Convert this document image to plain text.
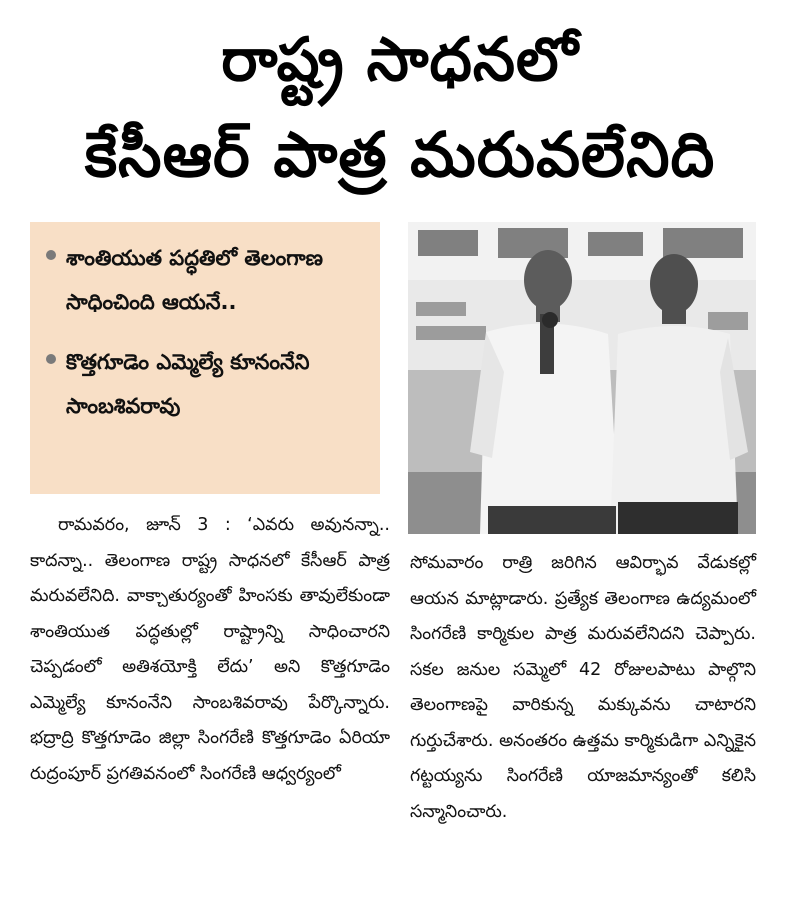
రాష్ట్ర సాధనలో
కేసీఆర్ పాత్ర మరువలేనిది
శాంతియుత పద్ధతిలో తెలంగాణ సాధించింది ఆయనే..
కొత్తగూడెం ఎమ్మెల్యే కూనంనేని సాంబశివరావు

రామవరం, జూన్ 3 : ‘ఎవరు అవునన్నా.. కాదన్నా.. తెలంగాణ రాష్ట్ర సాధనలో కేసీఆర్ పాత్ర మరువలేనిది. వాక్చాతుర్యంతో హింసకు తావులేకుండా శాంతియుత పద్ధతుల్లో రాష్ట్రాన్ని సాధించారని చెప్పడంలో అతిశయోక్తి లేదు’ అని కొత్తగూడెం ఎమ్మెల్యే కూనంనేని సాంబశివరావు పేర్కొన్నారు. భద్రాద్రి కొత్తగూడెం జిల్లా సింగరేణి కొత్తగూడెం ఏరియా రుద్రంపూర్ ప్రగతివనంలో సింగరేణి ఆధ్వర్యంలో

సోమవారం రాత్రి జరిగిన ఆవిర్భావ వేడుకల్లో ఆయన మాట్లాడారు. ప్రత్యేక తెలంగాణ ఉద్యమంలో సింగరేణి కార్మికుల పాత్ర మరువలేనిదని చెప్పారు. సకల జనుల సమ్మెలో 42 రోజులపాటు పాల్గొని తెలంగాణపై వారికున్న మక్కువను చాటారని గుర్తుచేశారు. అనంతరం ఉత్తమ కార్మికుడిగా ఎన్నికైన గట్టయ్యను సింగరేణి యాజమాన్యంతో కలిసి సన్మానించారు.
